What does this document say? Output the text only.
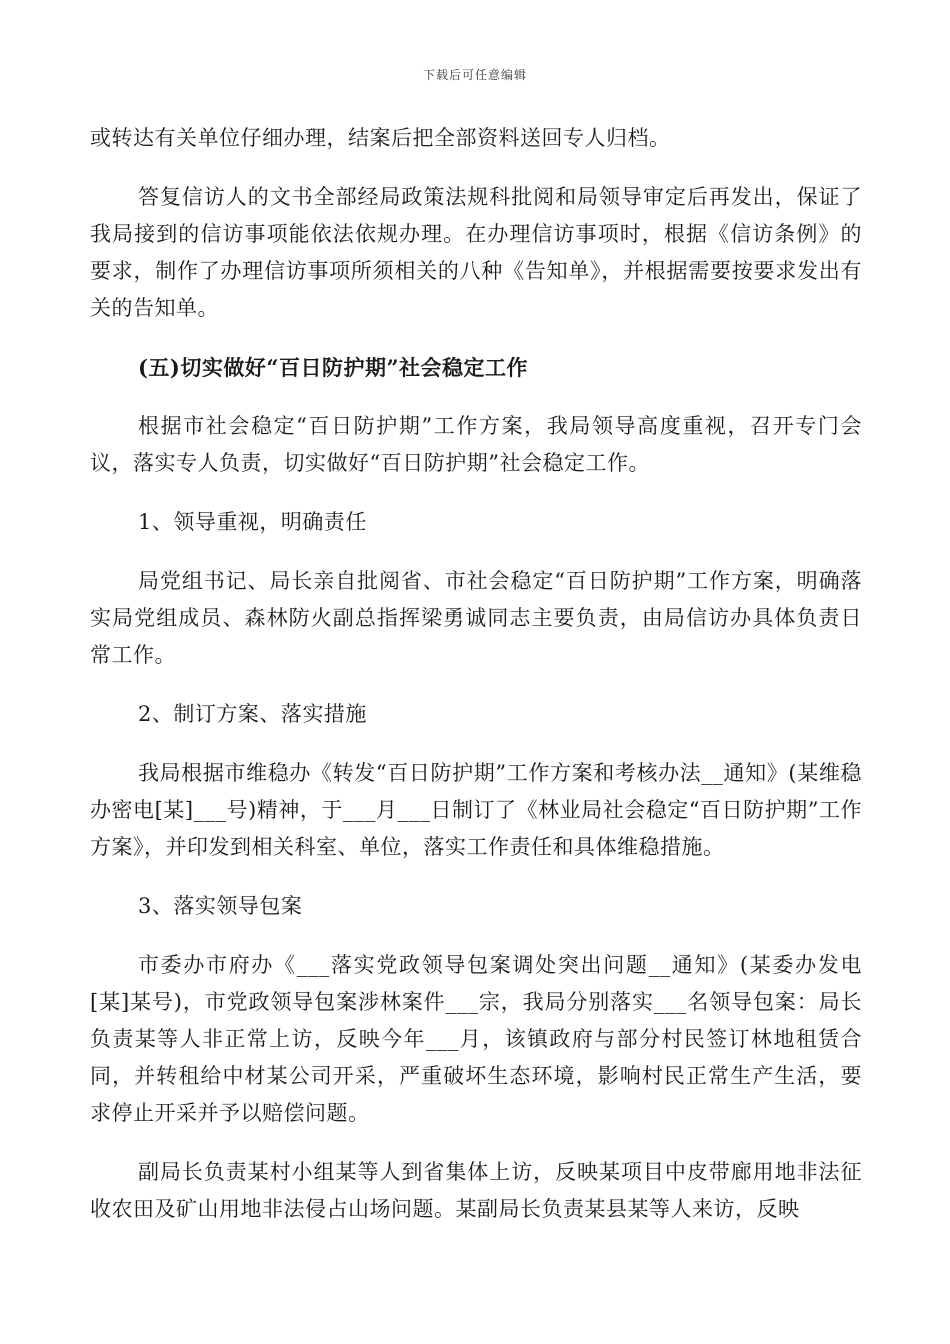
下载后可任意编辑

或转达有关单位仔细办理，结案后把全部资料送回专人归档。

答复信访人的文书全部经局政策法规科批阅和局领导审定后再发出，保证了我局接到的信访事项能依法依规办理。在办理信访事项时，根据《信访条例》的要求，制作了办理信访事项所须相关的八种《告知单》，并根据需要按要求发出有关的告知单。

(五)切实做好“百日防护期”社会稳定工作

根据市社会稳定“百日防护期”工作方案，我局领导高度重视，召开专门会议，落实专人负责，切实做好“百日防护期”社会稳定工作。

1、领导重视，明确责任

局党组书记、局长亲自批阅省、市社会稳定“百日防护期”工作方案，明确落实局党组成员、森林防火副总指挥梁勇诚同志主要负责，由局信访办具体负责日常工作。

2、制订方案、落实措施

我局根据市维稳办《转发“百日防护期”工作方案和考核办法__通知》(某维稳办密电[某]___号)精神，于___月___日制订了《林业局社会稳定“百日防护期”工作方案》，并印发到相关科室、单位，落实工作责任和具体维稳措施。

3、落实领导包案

市委办市府办《___落实党政领导包案调处突出问题__通知》(某委办发电[某]某号)，市党政领导包案涉林案件___宗，我局分别落实___名领导包案：局长负责某等人非正常上访，反映今年___月，该镇政府与部分村民签订林地租赁合同，并转租给中材某公司开采，严重破坏生态环境，影响村民正常生产生活，要求停止开采并予以赔偿问题。

副局长负责某村小组某等人到省集体上访，反映某项目中皮带廊用地非法征收农田及矿山用地非法侵占山场问题。某副局长负责某县某等人来访，反映
